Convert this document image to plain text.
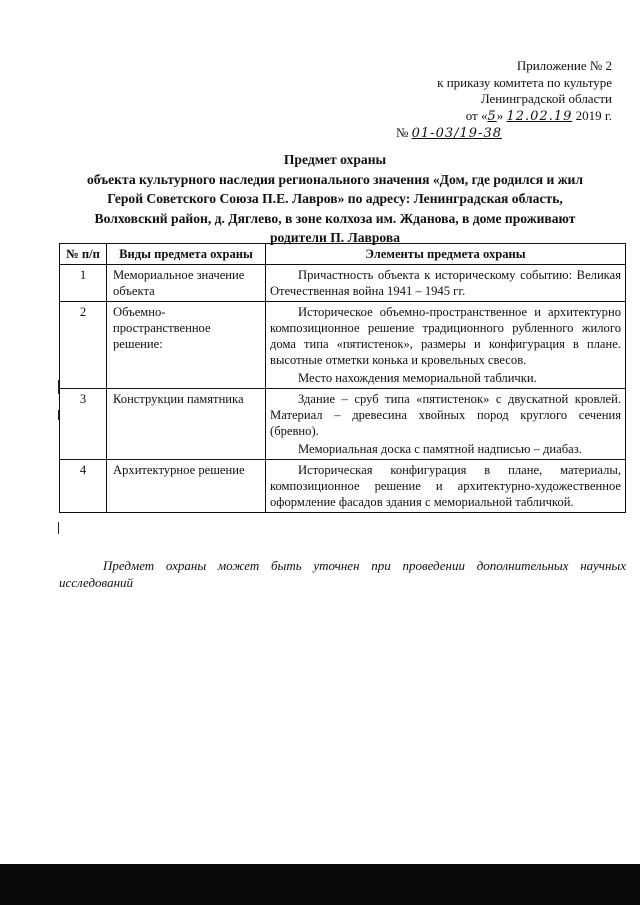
Приложение № 2
к приказу комитета по культуре
Ленинградской области
от «5» 12.02.19 2019 г.
№ 01-03/19-38
Предмет охраны
объекта культурного наследия регионального значения «Дом, где родился и жил Герой Советского Союза П.Е. Лавров» по адресу: Ленинградская область, Волховский район, д. Дяглево, в зоне колхоза им. Жданова, в доме проживают родители П. Лаврова
№ п/п	Виды предмета охраны	Элементы предмета охраны
1	Мемориальное значение объекта	Причастность объекта к историческому событию: Великая Отечественная война 1941 – 1945 гг.

2	Объемно-пространственное решение:	Историческое объемно-пространственное и архитектурно композиционное решение традиционного рубленного жилого дома типа «пятистенок», размеры и конфигурация в плане. высотные отметки конька и кровельных свесов.

Место нахождения мемориальной таблички.

3	Конструкции памятника	Здание – сруб типа «пятистенок» с двускатной кровлей. Материал – древесина хвойных пород круглого сечения (бревно).

Мемориальная доска с памятной надписью – диабаз.

4	Архитектурное решение	Историческая конфигурация в плане, материалы, композиционное решение и архитектурно-художественное оформление фасадов здания с мемориальной табличкой.

Предмет охраны может быть уточнен при проведении дополнительных научных исследований
